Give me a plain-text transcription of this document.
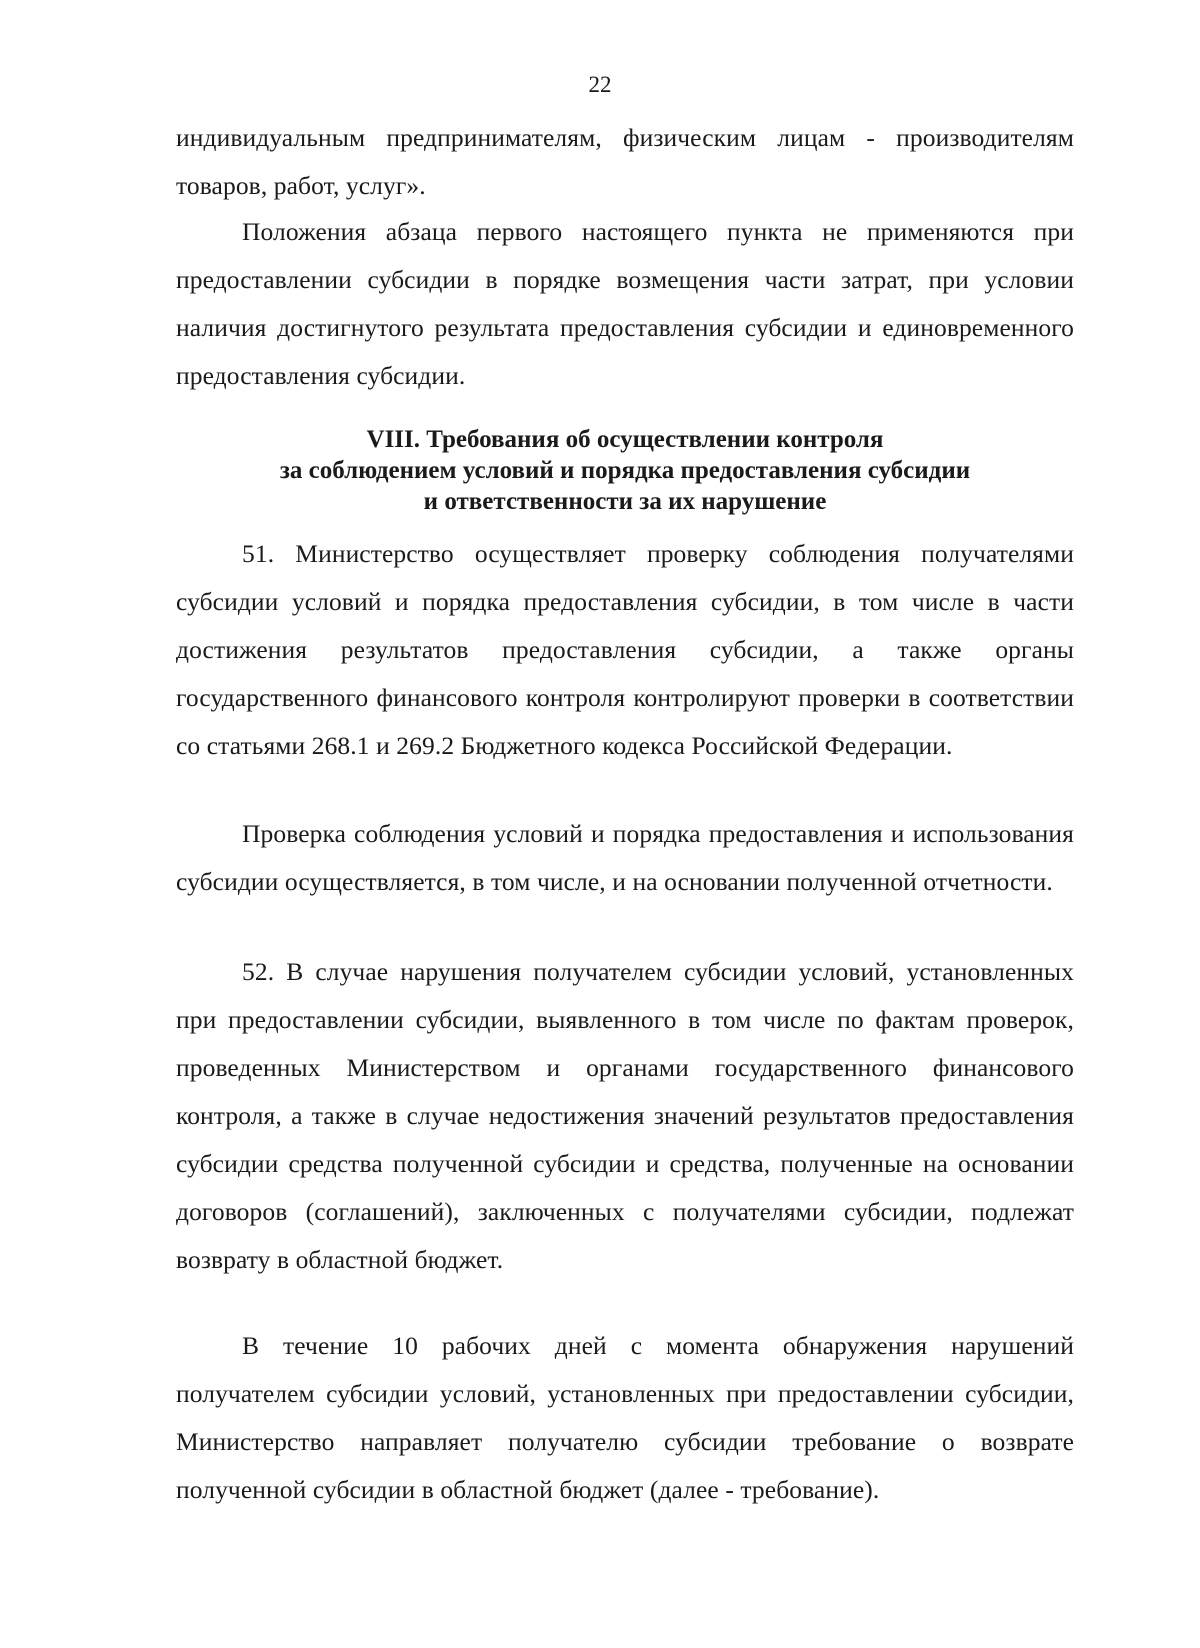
22

индивидуальным предпринимателям, физическим лицам - производителям товаров, работ, услуг».

Положения абзаца первого настоящего пункта не применяются при предоставлении субсидии в порядке возмещения части затрат, при условии наличия достигнутого результата предоставления субсидии и единовременного предоставления субсидии.

VIII. Требования об осуществлении контроля
за соблюдением условий и порядка предоставления субсидии
и ответственности за их нарушение

51. Министерство осуществляет проверку соблюдения получателями субсидии условий и порядка предоставления субсидии, в том числе в части достижения результатов предоставления субсидии, а также органы государственного финансового контроля контролируют проверки в соответствии со статьями 268.1 и 269.2 Бюджетного кодекса Российской Федерации.

Проверка соблюдения условий и порядка предоставления и использования субсидии осуществляется, в том числе, и на основании полученной отчетности.

52. В случае нарушения получателем субсидии условий, установленных при предоставлении субсидии, выявленного в том числе по фактам проверок, проведенных Министерством и органами государственного финансового контроля, а также в случае недостижения значений результатов предоставления субсидии средства полученной субсидии и средства, полученные на основании договоров (соглашений), заключенных с получателями субсидии, подлежат возврату в областной бюджет.

В течение 10 рабочих дней с момента обнаружения нарушений получателем субсидии условий, установленных при предоставлении субсидии, Министерство направляет получателю субсидии требование о возврате полученной субсидии в областной бюджет (далее - требование).
